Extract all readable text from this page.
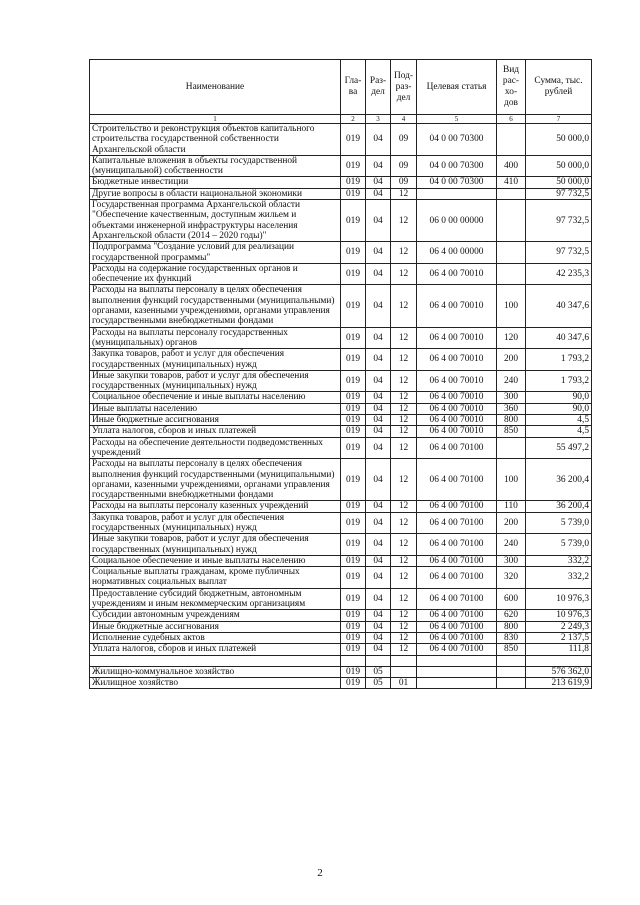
Наименование	Гла-ва	Раз-дел	Под-раз-дел	Целевая статья	Вид рас-хо-дов	Сумма, тыс. рублей
1	2	3	4	5	6	7
Строительство и реконструкция объектов капитального строительства государственной собственности Архангельской области	019	04	09	04 0 00 70300		50 000,0
Капитальные вложения в объекты государственной (муниципальной) собственности	019	04	09	04 0 00 70300	400	50 000,0
Бюджетные инвестиции	019	04	09	04 0 00 70300	410	50 000,0
Другие вопросы в области национальной экономики	019	04	12			97 732,5
Государственная программа Архангельской области "Обеспечение качественным, доступным жильем и объектами инженерной инфраструктуры населения Архангельской области (2014 – 2020 годы)"	019	04	12	06 0 00 00000		97 732,5
Подпрограмма "Создание условий для реализации государственной программы"	019	04	12	06 4 00 00000		97 732,5
Расходы на содержание государственных органов и обеспечение их функций	019	04	12	06 4 00 70010		42 235,3
Расходы на выплаты персоналу в целях обеспечения выполнения функций государственными (муниципальными) органами, казенными учреждениями, органами управления государственными внебюджетными фондами	019	04	12	06 4 00 70010	100	40 347,6
Расходы на выплаты персоналу государственных (муниципальных) органов	019	04	12	06 4 00 70010	120	40 347,6
Закупка товаров, работ и услуг для обеспечения государственных (муниципальных) нужд	019	04	12	06 4 00 70010	200	1 793,2
Иные закупки товаров, работ и услуг для обеспечения государственных (муниципальных) нужд	019	04	12	06 4 00 70010	240	1 793,2
Социальное обеспечение и иные выплаты населению	019	04	12	06 4 00 70010	300	90,0
Иные выплаты населению	019	04	12	06 4 00 70010	360	90,0
Иные бюджетные ассигнования	019	04	12	06 4 00 70010	800	4,5
Уплата налогов, сборов и иных платежей	019	04	12	06 4 00 70010	850	4,5
Расходы на обеспечение деятельности подведомственных учреждений	019	04	12	06 4 00 70100		55 497,2
Расходы на выплаты персоналу в целях обеспечения выполнения функций государственными (муниципальными) органами, казенными учреждениями, органами управления государственными внебюджетными фондами	019	04	12	06 4 00 70100	100	36 200,4
Расходы на выплаты персоналу казенных учреждений	019	04	12	06 4 00 70100	110	36 200,4
Закупка товаров, работ и услуг для обеспечения государственных (муниципальных) нужд	019	04	12	06 4 00 70100	200	5 739,0
Иные закупки товаров, работ и услуг для обеспечения государственных (муниципальных) нужд	019	04	12	06 4 00 70100	240	5 739,0
Социальное обеспечение и иные выплаты населению	019	04	12	06 4 00 70100	300	332,2
Социальные выплаты гражданам, кроме публичных нормативных социальных выплат	019	04	12	06 4 00 70100	320	332,2
Предоставление субсидий бюджетным, автономным учреждениям и иным некоммерческим организациям	019	04	12	06 4 00 70100	600	10 976,3
Субсидии автономным учреждениям	019	04	12	06 4 00 70100	620	10 976,3
Иные бюджетные ассигнования	019	04	12	06 4 00 70100	800	2 249,3
Исполнение судебных актов	019	04	12	06 4 00 70100	830	2 137,5
Уплата налогов, сборов и иных платежей	019	04	12	06 4 00 70100	850	111,8

Жилищно-коммунальное хозяйство	019	05				576 362,0
Жилищное хозяйство	019	05	01			213 619,9
2
